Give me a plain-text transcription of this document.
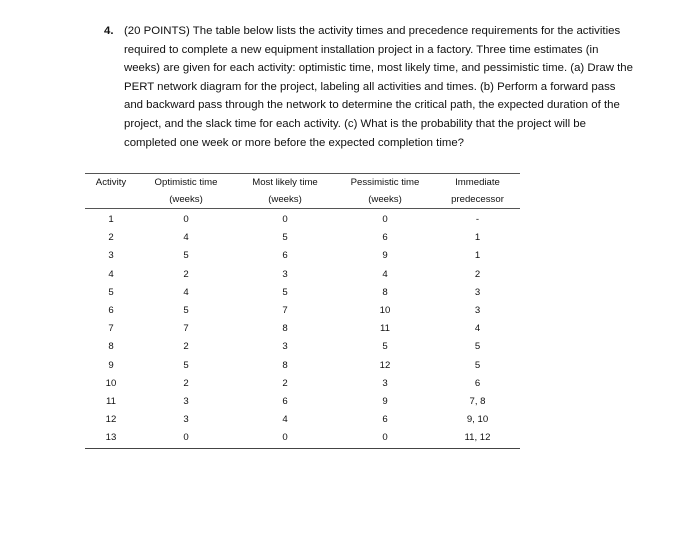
4. (20 POINTS) The table below lists the activity times and precedence requirements for the activities required to complete a new equipment installation project in a factory. Three time estimates (in weeks) are given for each activity: optimistic time, most likely time, and pessimistic time. (a) Draw the PERT network diagram for the project, labeling all activities and times. (b) Perform a forward pass and backward pass through the network to determine the critical path, the expected duration of the project, and the slack time for each activity. (c) What is the probability that the project will be completed one week or more before the expected completion time?
Activity	Optimistic time	Most likely time	Pessimistic time	Immediate
	(weeks)	(weeks)	(weeks)	predecessor
1	0	0	0	-
2	4	5	6	1
3	5	6	9	1
4	2	3	4	2
5	4	5	8	3
6	5	7	10	3
7	7	8	11	4
8	2	3	5	5
9	5	8	12	5
10	2	2	3	6
11	3	6	9	7, 8
12	3	4	6	9, 10
13	0	0	0	11, 12
